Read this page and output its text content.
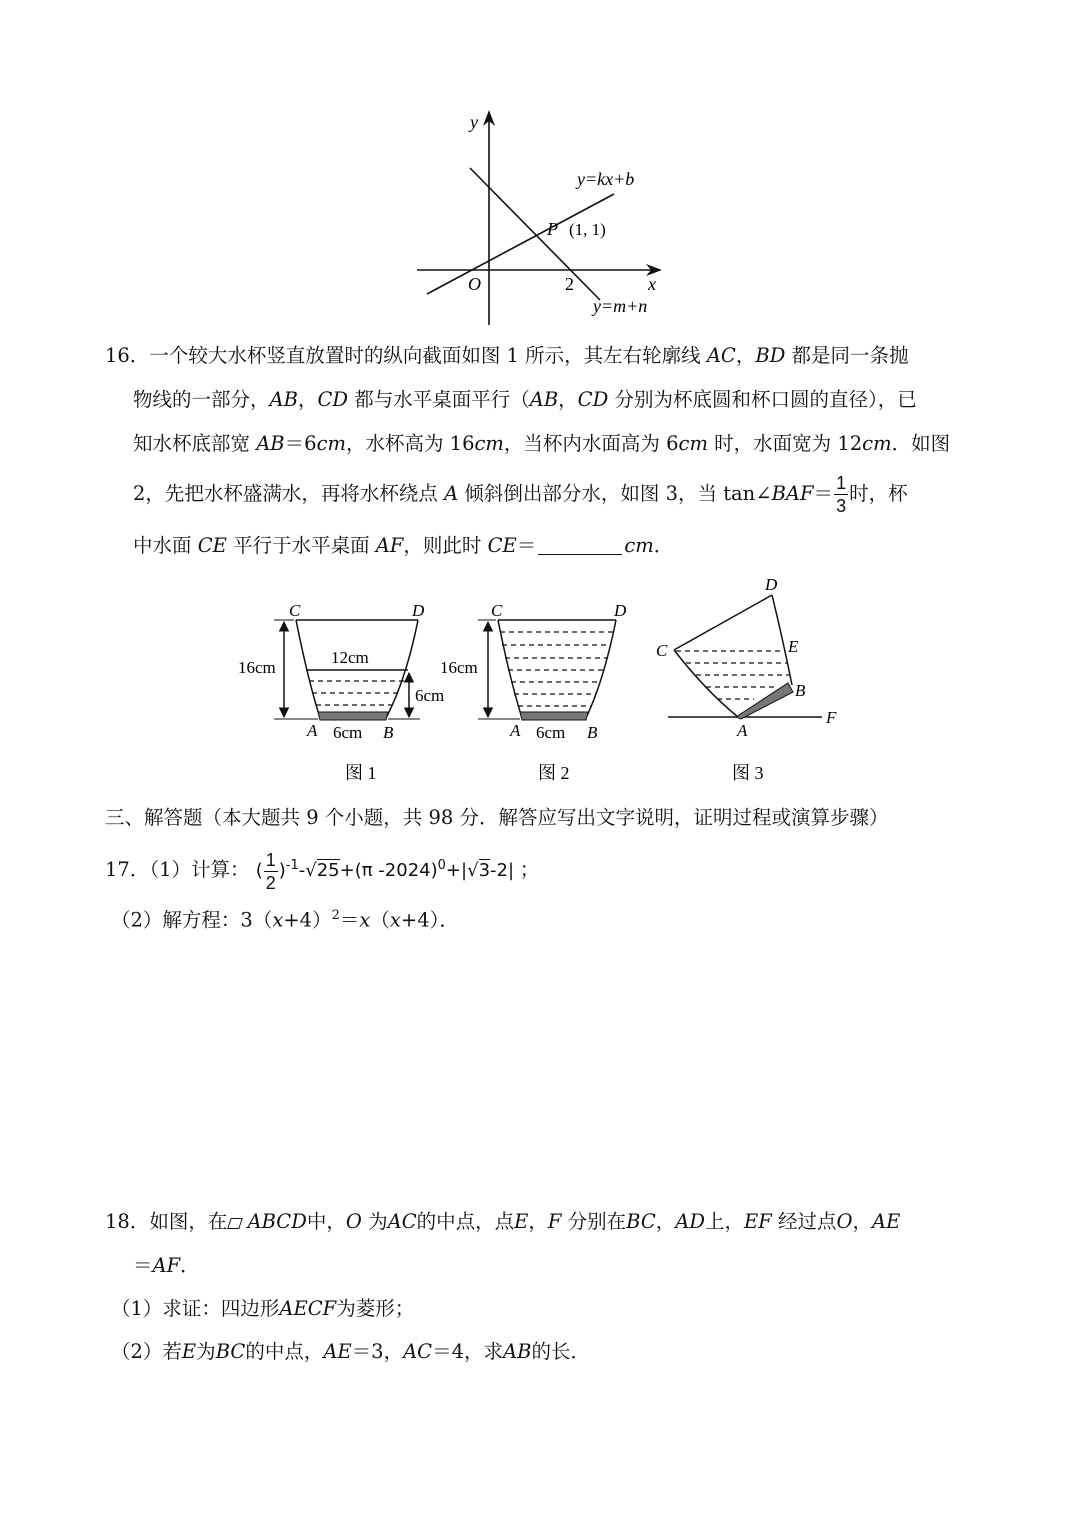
y
x
O	2
y=kx+b
P (1, 1)
y=m+n
16．一个较大水杯竖直放置时的纵向截面如图 1 所示，其左右轮廓线 AC，BD 都是同一条抛
物线的一部分，AB，CD 都与水平桌面平行（AB，CD 分别为杯底圆和杯口圆的直径），已
知水杯底部宽 AB＝6cm，水杯高为 16cm，当杯内水面高为 6cm 时，水面宽为 12cm．如图
2，先把水杯盛满水，再将水杯绕点 A 倾斜倒出部分水，如图 3，当 tan∠BAF＝ $\frac{1}{3}$ 时，杯
中水面 CE 平行于水平桌面 AF，则此时 CE＝	cm．
C	D
16cm
12cm
6cm
A 6cm B
图 1
C	D
16cm
A 6cm B
图 2
D
C	E
B
A
F
图 3
三、解答题（本大题共 9 个小题，共 98 分．解答应写出文字说明，证明过程或演算步骤）
17．（1）计算： ( $\frac{1}{2} )^{-1}-√25+(\pi$ -2024)$^0$+|√3-2| ；
（2）解方程：$3(x+4)^2=x(x+4)$．
18．如图，在 ABCD中，O 为AC的中点，点E，F 分别在BC，AD上，EF 经过点O，AE
＝AF．
（1）求证：四边形AECF为菱形；
（2）若E为BC的中点，AE＝3，AC＝4，求AB的长．
